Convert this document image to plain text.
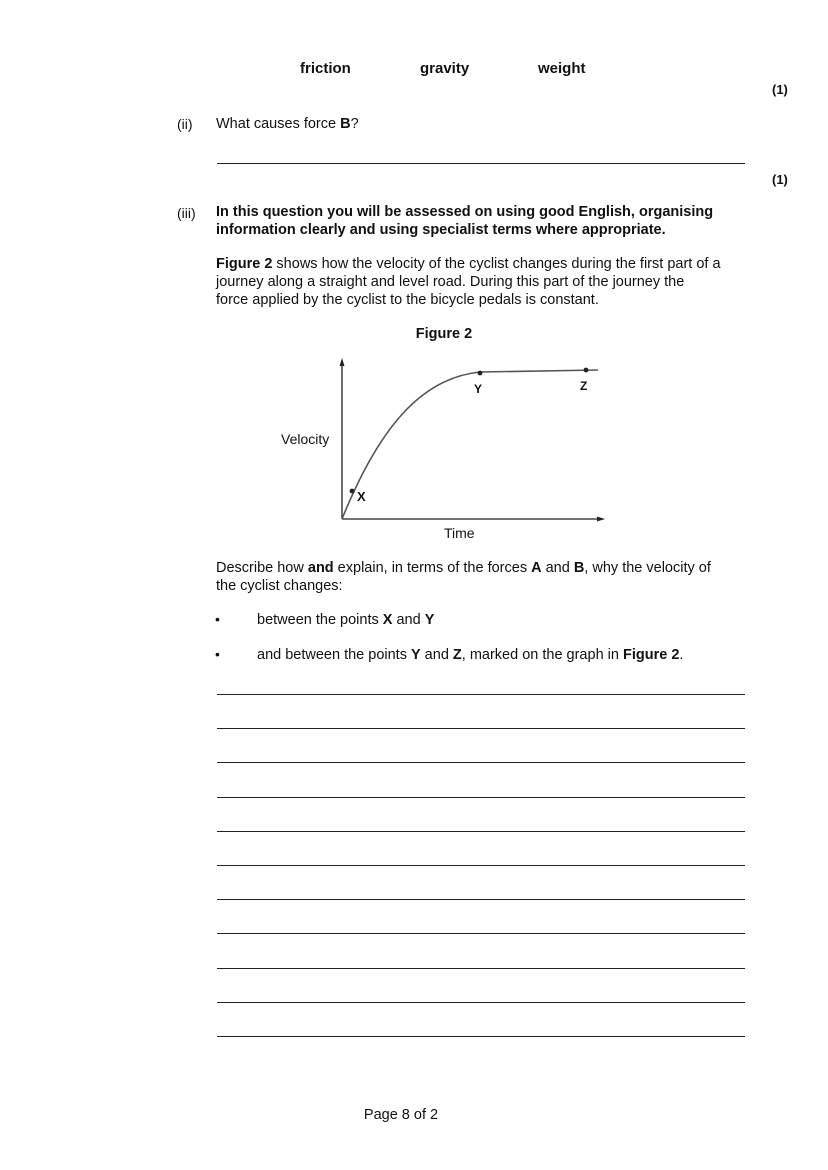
friction	gravity	weight
(1)
(ii) What causes force B?
(1)
(iii) In this question you will be assessed on using good English, organising
information clearly and using specialist terms where appropriate.
Figure 2 shows how the velocity of the cyclist changes during the first part of a
journey along a straight and level road. During this part of the journey the
force applied by the cyclist to the bicycle pedals is constant.
Figure 2
X
Y	Z
Velocity
Time
Describe how and explain, in terms of the forces A and B, why the velocity of
the cyclist changes:
•	between the points X and Y
•	and between the points Y and Z, marked on the graph in Figure 2.
Page 8 of 2
